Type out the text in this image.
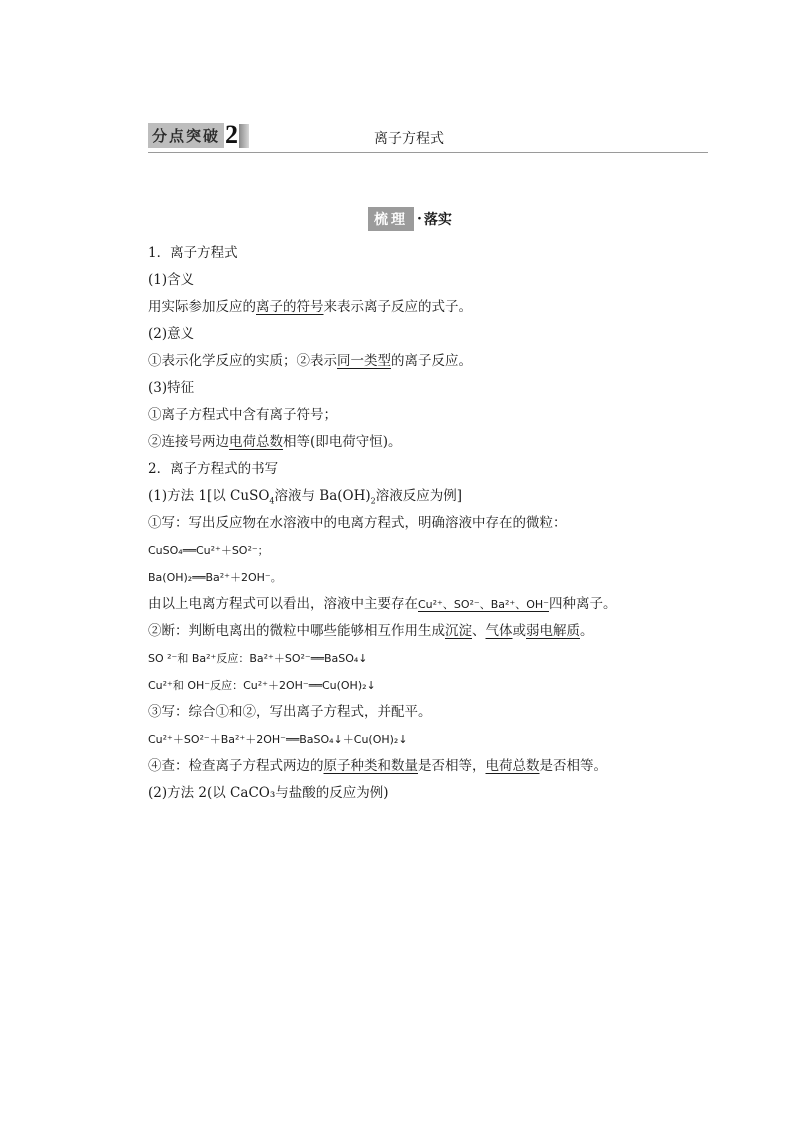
分点突破 2	离子方程式
梳理 · 落实
1．离子方程式
(1)含义
用实际参加反应的离子的符号来表示离子反应的式子。
(2)意义
①表示化学反应的实质；②表示同一类型的离子反应。
(3)特征
①离子方程式中含有离子符号；
②连接号两边电荷总数相等(即电荷守恒)。
2．离子方程式的书写
(1)方法 1[以 CuSO$_4$溶液与 $Ba(OH)_2$溶液反应为例]
①写：写出反应物在水溶液中的电离方程式，明确溶液中存在的微粒：
CuSO₄══Cu²⁺＋SO²⁻；
Ba(OH)₂══Ba²⁺＋2OH⁻。
由以上电离方程式可以看出，溶液中主要存在Cu²⁺、SO²⁻、Ba²⁺、OH⁻四种离子。
②断：判断电离出的微粒中哪些能够相互作用生成沉淀、气体或弱电解质。
SO ²⁻和 Ba²⁺反应：Ba²⁺＋SO²⁻══BaSO₄↓
Cu²⁺和 OH⁻反应：Cu²⁺＋2OH⁻══Cu(OH)₂↓
③写：综合①和②，写出离子方程式，并配平。
Cu²⁺＋SO²⁻＋Ba²⁺＋2OH⁻══BaSO₄↓＋Cu(OH)₂↓
④查：检查离子方程式两边的原子种类和数量是否相等，电荷总数是否相等。
(2)方法 2(以 CaCO₃与盐酸的反应为例)
